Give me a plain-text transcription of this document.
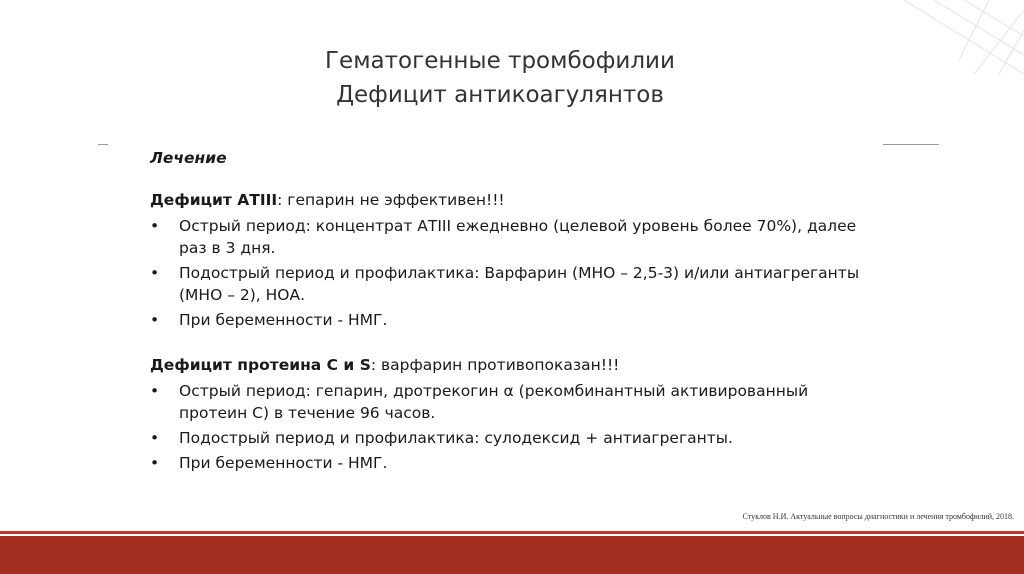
Гематогенные тромбофилии
Дефицит антикоагулянтов
Лечение
Дефицит АТIII: гепарин не эффективен!!!
• Острый период: концентрат АТIII ежедневно (целевой уровень более 70%), далее раз в 3 дня.
• Подострый период и профилактика: Варфарин (МНО – 2,5-3) и/или антиагреганты (МНО – 2), НОА.
• При беременности - НМГ.
Дефицит протеина С и S: варфарин противопоказан!!!
• Острый период: гепарин, дротрекогин α (рекомбинантный активированный протеин С) в течение 96 часов.
• Подострый период и профилактика: сулодексид + антиагреганты.
• При беременности - НМГ.
Стуклов Н.И. Актуальные вопросы диагностики и лечения тромбофилий, 2018.
